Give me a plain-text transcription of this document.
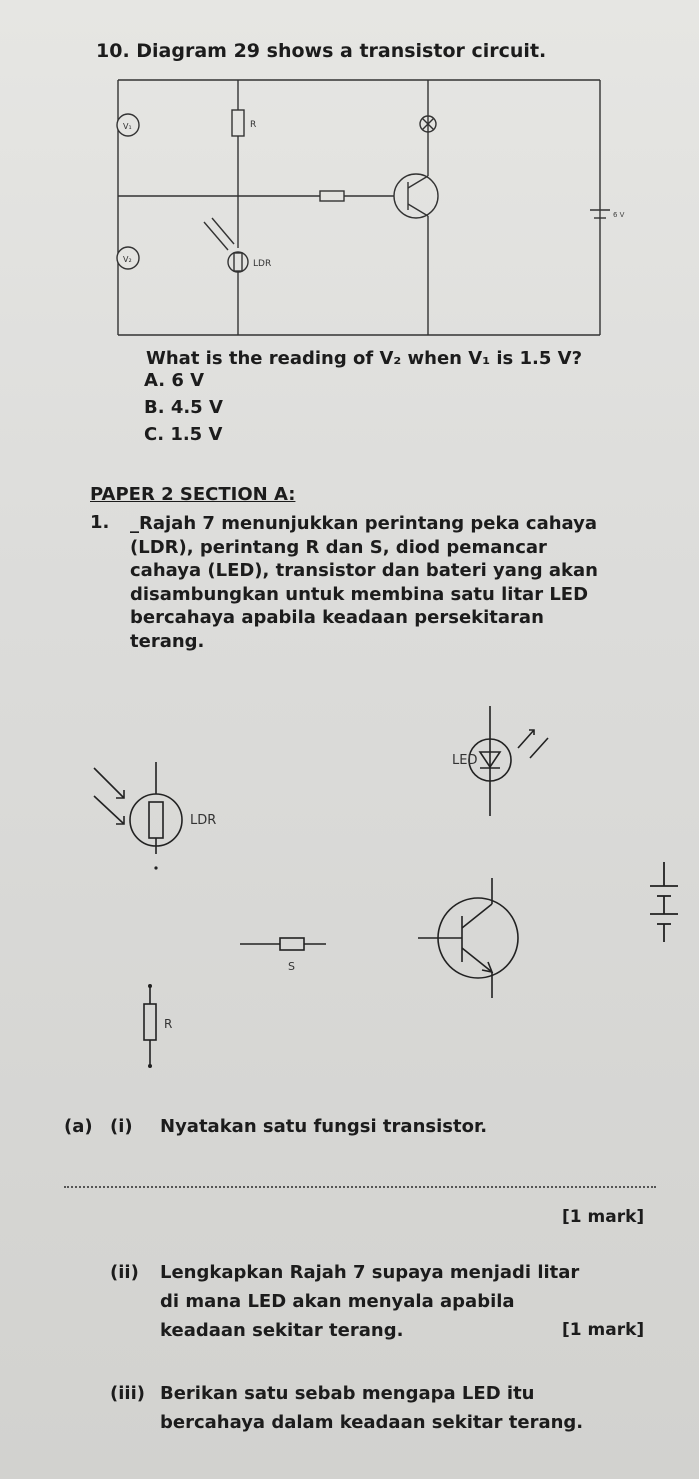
10. Diagram 29 shows a transistor circuit.
V₁
V₂
R
LDR
6 V
What is the reading of V₂ when V₁ is 1.5 V?
A. 6 V
B. 4.5 V
C. 1.5 V
PAPER 2 SECTION A:
1. _Rajah 7 menunjukkan perintang peka cahaya
(LDR), perintang R dan S, diod pemancar
cahaya (LED), transistor dan bateri yang akan
disambungkan untuk membina satu litar LED
bercahaya apabila keadaan persekitaran
terang.
LED
LDR
S
R
(a) (i) Nyatakan satu fungsi transistor.
[1 mark]
(ii) Lengkapkan Rajah 7 supaya menjadi litar
di mana LED akan menyala apabila
keadaan sekitar terang.	[1 mark]
(iii) Berikan satu sebab mengapa LED itu
bercahaya dalam keadaan sekitar terang.
